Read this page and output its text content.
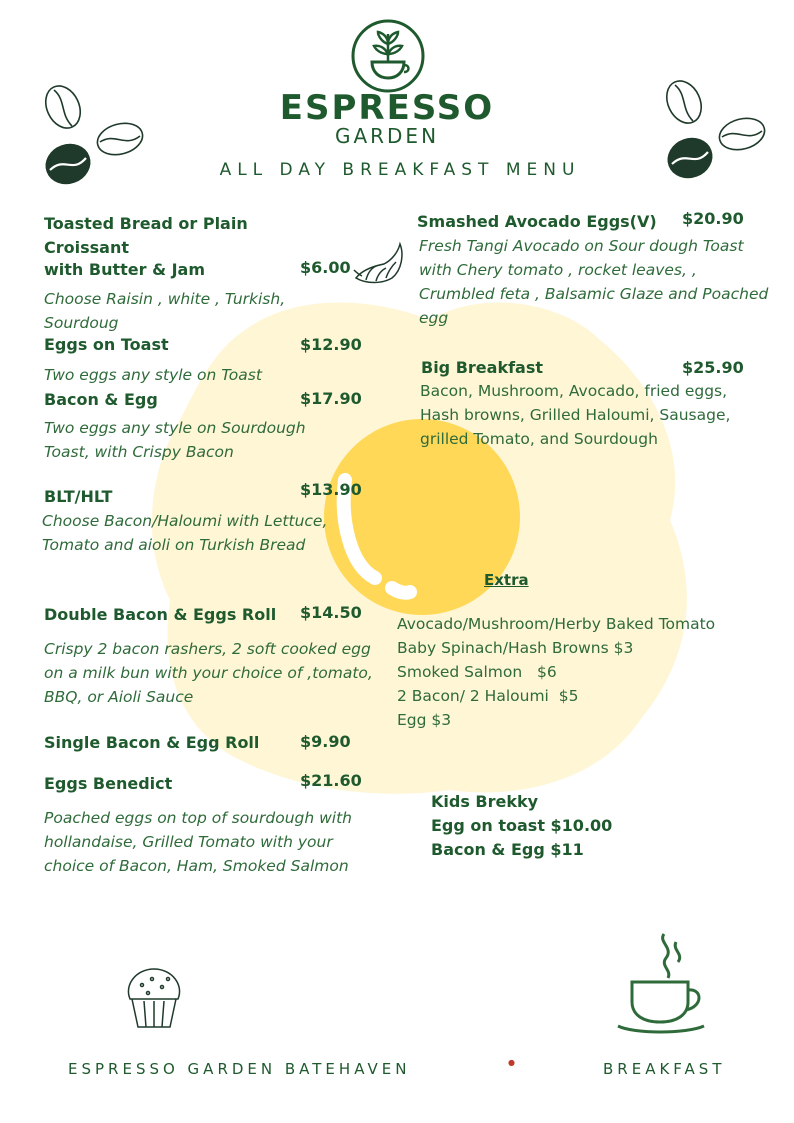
ESPRESSO
GARDEN
ALL DAY BREAKFAST MENU
Toasted Bread or Plain Croissant
with Butter & Jam	$6.00
Choose Raisin , white , Turkish, Sourdoug
Eggs on Toast	$12.90
Two eggs any style on Toast
Bacon & Egg	$17.90
Two eggs any style on Sourdough Toast, with Crispy Bacon
BLT/HLT	$13.90
Choose Bacon/Haloumi with Lettuce, Tomato and aioli on Turkish Bread
Double Bacon & Eggs Roll $14.50
Crispy 2 bacon rashers, 2 soft cooked egg on a milk bun with your choice of ,tomato, BBQ, or Aioli Sauce
Single Bacon & Egg Roll	$9.90
Eggs Benedict	$21.60
Poached eggs on top of sourdough with hollandaise, Grilled Tomato with your choice of Bacon, Ham, Smoked Salmon
Smashed Avocado Eggs(V) $20.90
Fresh Tangi Avocado on Sour dough Toast with Chery tomato , rocket leaves, , Crumbled feta , Balsamic Glaze and Poached egg
Big Breakfast	$25.90
Bacon, Mushroom, Avocado, fried eggs, Hash browns, Grilled Haloumi, Sausage, grilled Tomato, and Sourdough
Extra
Avocado/Mushroom/Herby Baked Tomato
Baby Spinach/Hash Browns $3
Smoked Salmon   $6
2 Bacon/ 2 Haloumi  $5
Egg $3
Kids Brekky
Egg on toast $10.00
Bacon & Egg $11
ESPRESSO GARDEN BATEHAVEN	●	BREAKFAST
